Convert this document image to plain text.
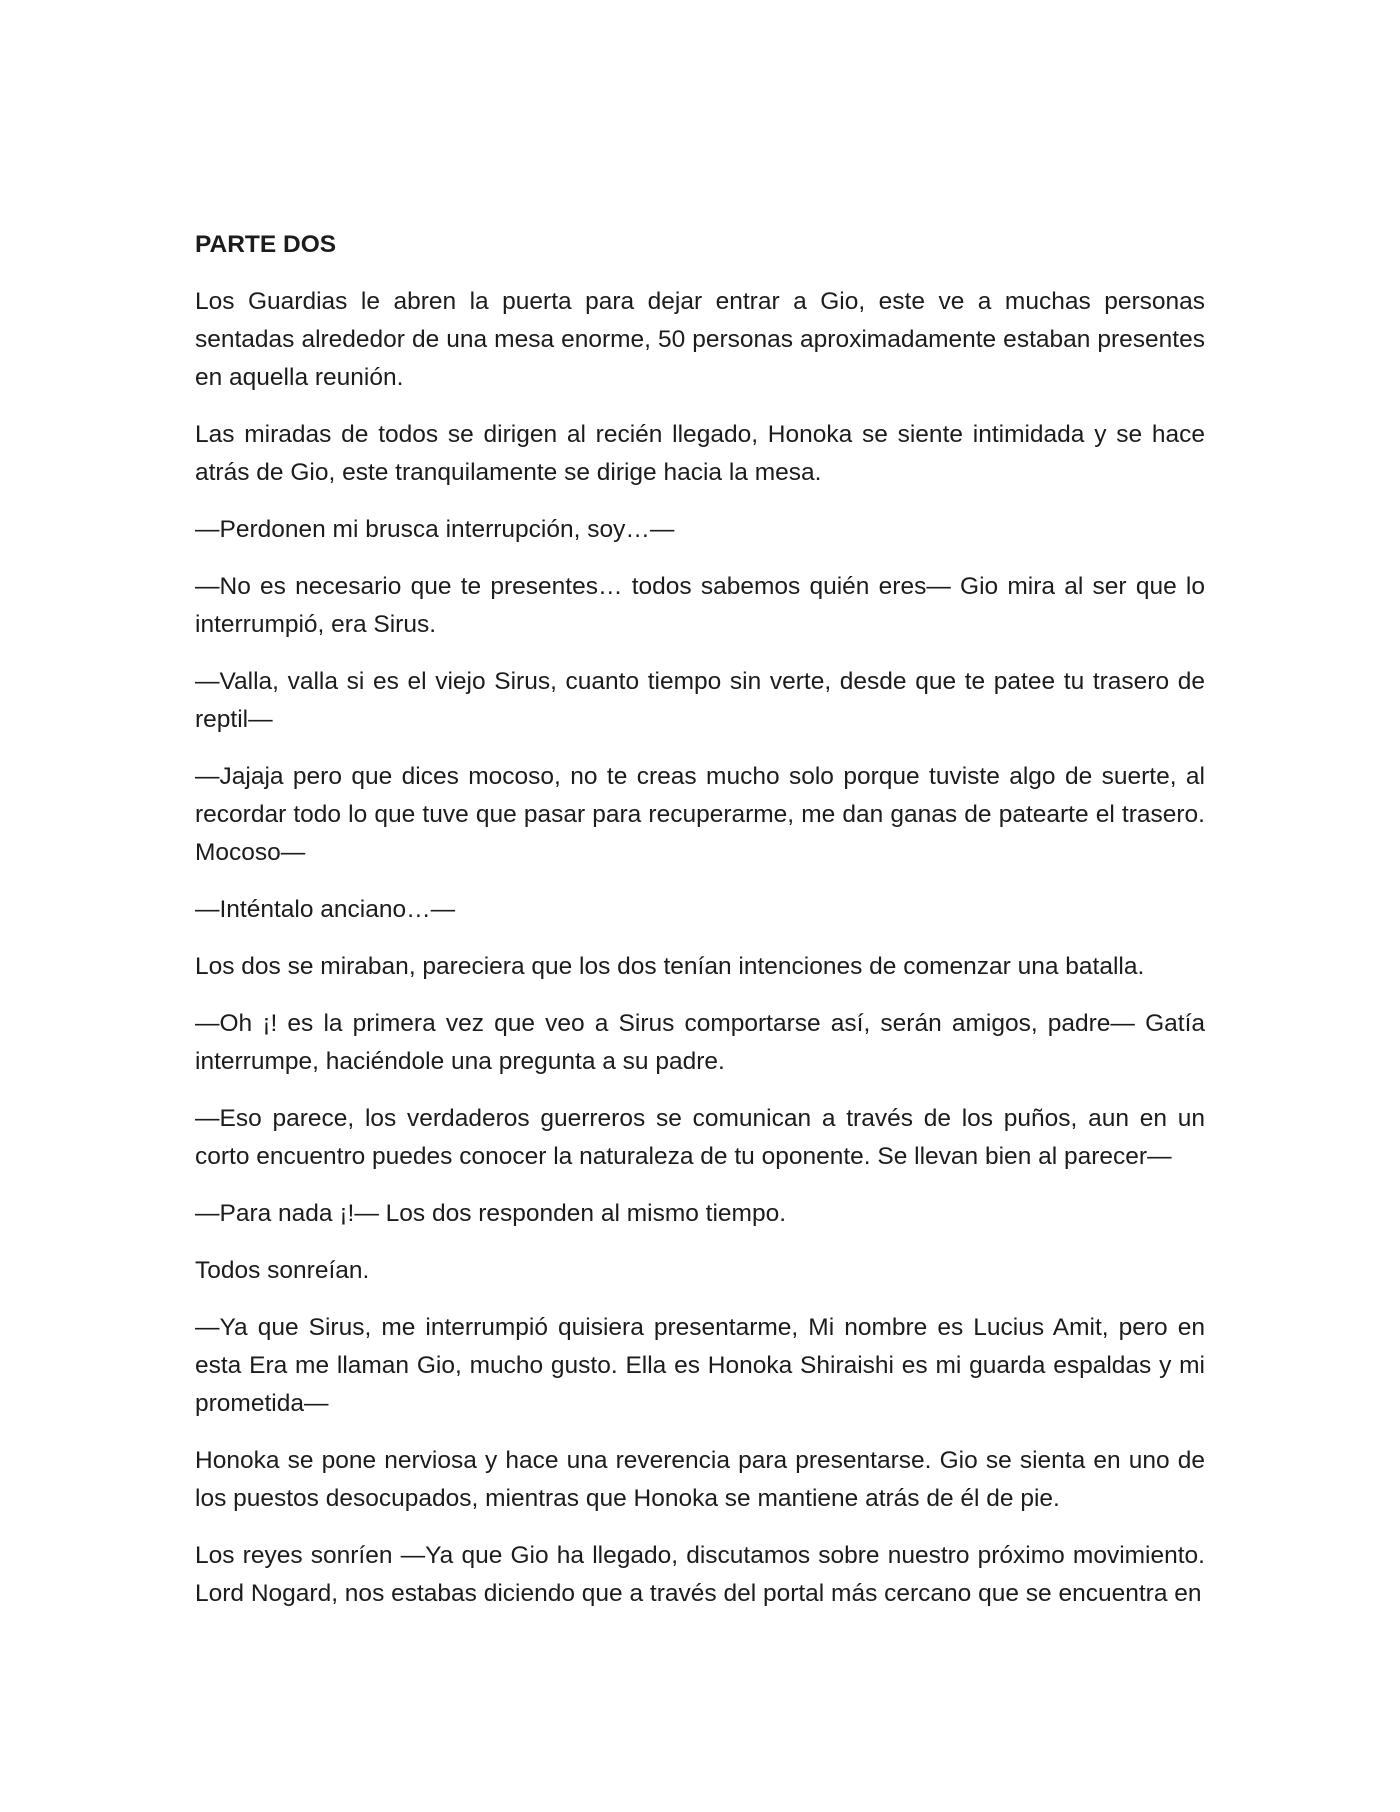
PARTE DOS

Los Guardias le abren la puerta para dejar entrar a Gio, este ve a muchas personas sentadas alrededor de una mesa enorme, 50 personas aproximadamente estaban presentes en aquella reunión.

Las miradas de todos se dirigen al recién llegado, Honoka se siente intimidada y se hace atrás de Gio, este tranquilamente se dirige hacia la mesa.

—Perdonen mi brusca interrupción, soy…—

—No es necesario que te presentes… todos sabemos quién eres— Gio mira al ser que lo interrumpió, era Sirus.

—Valla, valla si es el viejo Sirus, cuanto tiempo sin verte, desde que te patee tu trasero de reptil—

—Jajaja pero que dices mocoso, no te creas mucho solo porque tuviste algo de suerte, al recordar todo lo que tuve que pasar para recuperarme, me dan ganas de patearte el trasero. Mocoso—

—Inténtalo anciano…—

Los dos se miraban, pareciera que los dos tenían intenciones de comenzar una batalla.

—Oh ¡! es la primera vez que veo a Sirus comportarse así, serán amigos, padre— Gatía interrumpe, haciéndole una pregunta a su padre.

—Eso parece, los verdaderos guerreros se comunican a través de los puños, aun en un corto encuentro puedes conocer la naturaleza de tu oponente. Se llevan bien al parecer—

—Para nada ¡!— Los dos responden al mismo tiempo.

Todos sonreían.

—Ya que Sirus, me interrumpió quisiera presentarme, Mi nombre es Lucius Amit, pero en esta Era me llaman Gio, mucho gusto. Ella es Honoka Shiraishi es mi guarda espaldas y mi prometida—

Honoka se pone nerviosa y hace una reverencia para presentarse. Gio se sienta en uno de los puestos desocupados, mientras que Honoka se mantiene atrás de él de pie.

Los reyes sonríen —Ya que Gio ha llegado, discutamos sobre nuestro próximo movimiento. Lord Nogard, nos estabas diciendo que a través del portal más cercano que se encuentra en
